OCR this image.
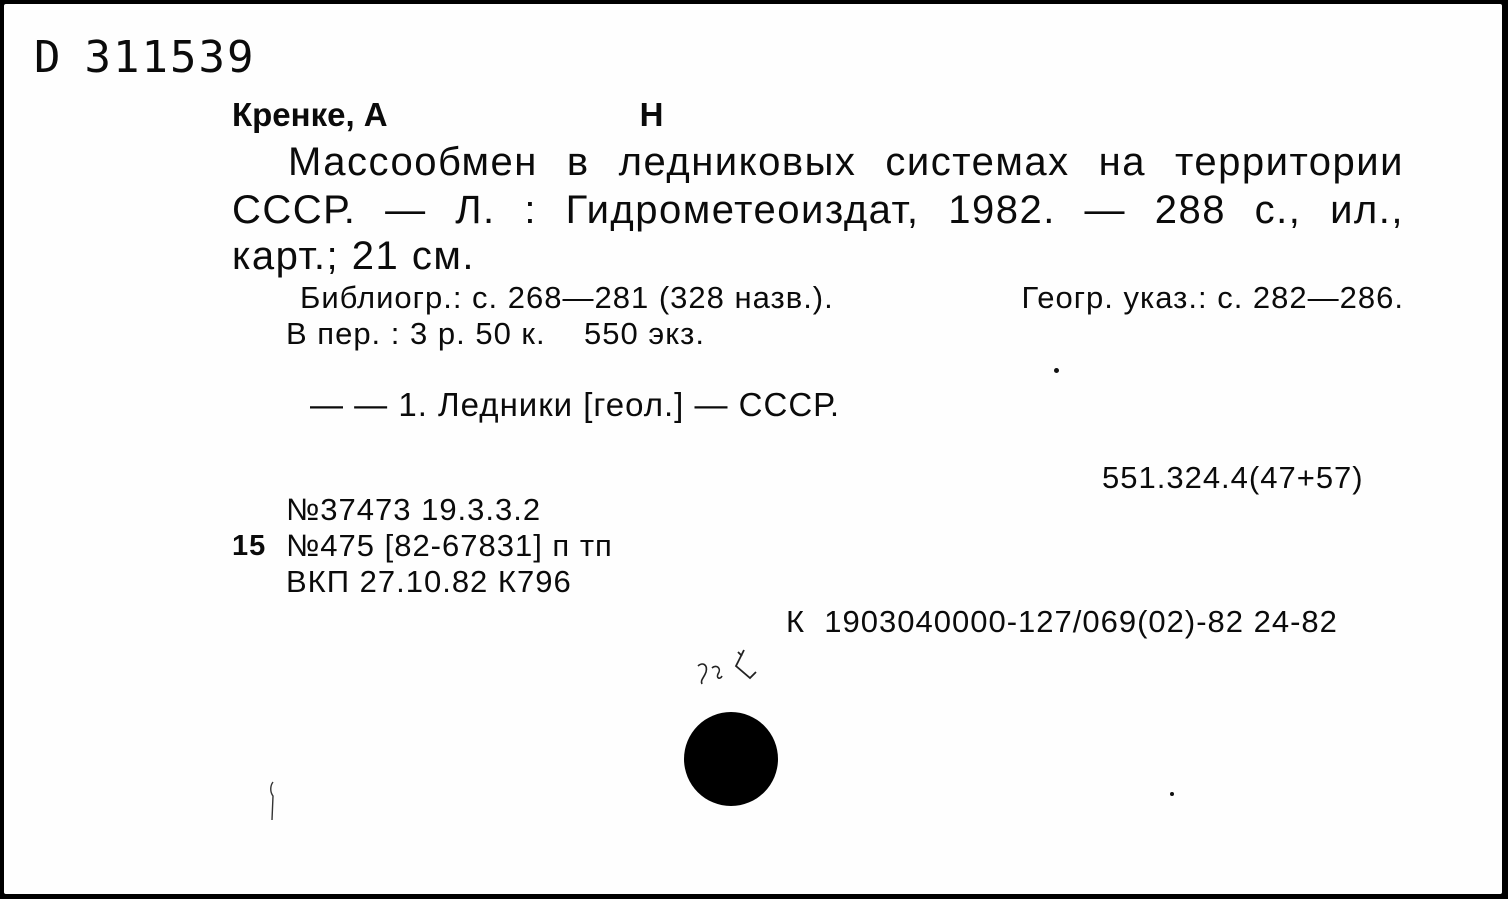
D 311539
Кренке, А	Н
Массообмен в ледниковых системах на территории
СССР. — Л. : Гидрометеоиздат, 1982. — 288 с., ил.,
карт.; 21 см.
Библиогр.: с. 268—281 (328 назв.).	Геогр. указ.: с. 282—286.
В пер. : 3 р. 50 к.    550 экз.
— — 1. Ледники [геол.] — СССР.
551.324.4(47+57)
№37473 19.3.3.2
15 №475 [82-67831] п тп
ВКП 27.10.82 К796
К  1903040000-127/069(02)-82 24-82
